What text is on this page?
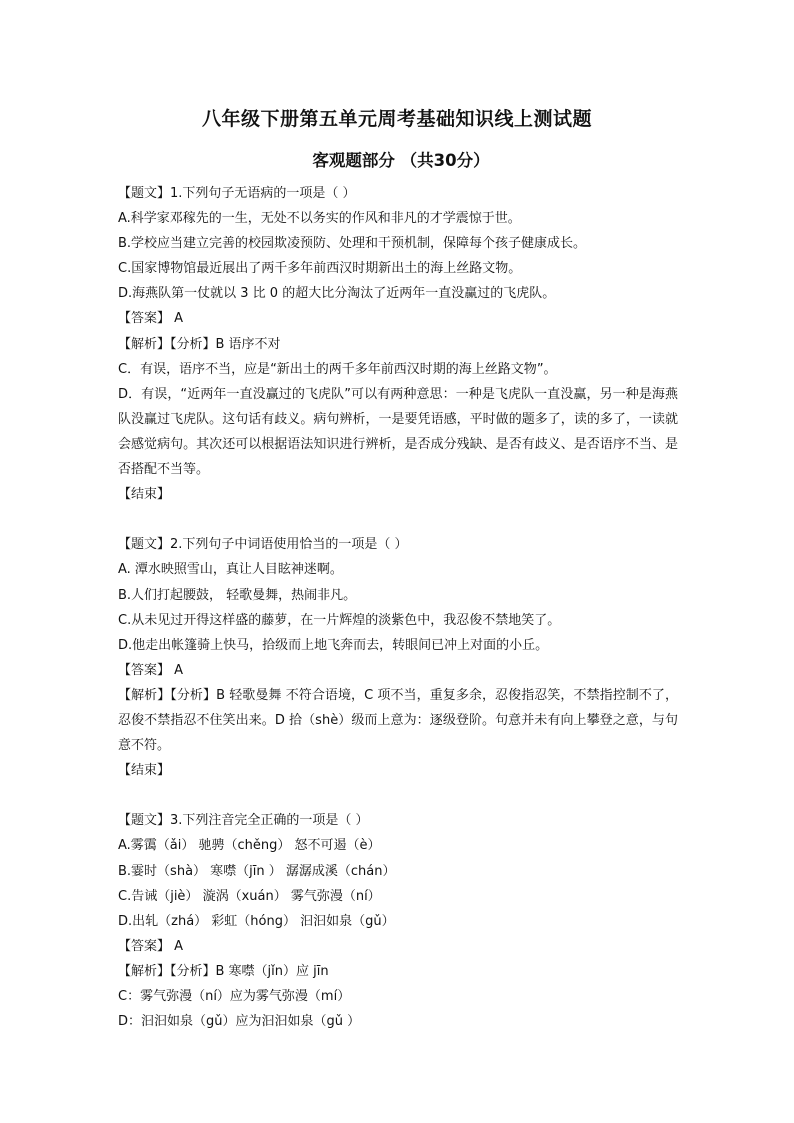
八年级下册第五单元周考基础知识线上测试题
客观题部分 （共30分）
【题文】1.下列句子无语病的一项是（ ）
A.科学家邓稼先的一生，无处不以务实的作风和非凡的才学震惊于世。
B.学校应当建立完善的校园欺凌预防、处理和干预机制，保障每个孩子健康成长。
C.国家博物馆最近展出了两千多年前西汉时期新出土的海上丝路文物。
D.海燕队第一仗就以 3 比 0 的超大比分淘汰了近两年一直没赢过的飞虎队。
【答案】 A
【解析】【分析】B 语序不对
C．有误，语序不当，应是“新出土的两千多年前西汉时期的海上丝路文物”。
D．有误，“近两年一直没赢过的飞虎队”可以有两种意思：一种是飞虎队一直没赢，另一种是海燕队没赢过飞虎队。这句话有歧义。病句辨析，一是要凭语感，平时做的题多了，读的多了，一读就会感觉病句。其次还可以根据语法知识进行辨析，是否成分残缺、是否有歧义、是否语序不当、是否搭配不当等。
【结束】
【题文】2.下列句子中词语使用恰当的一项是（ ）
A. 潭水映照雪山，真让人目眩神迷啊。
B.人们打起腰鼓， 轻歌曼舞，热闹非凡。
C.从未见过开得这样盛的藤萝，在一片辉煌的淡紫色中，我忍俊不禁地笑了。
D.他走出帐篷骑上快马，拾级而上地飞奔而去，转眼间已冲上对面的小丘。
【答案】 A
【解析】【分析】B 轻歌曼舞 不符合语境，C 项不当，重复多余，忍俊指忍笑，不禁指控制不了，忍俊不禁指忍不住笑出来。D 拾（shè）级而上意为：逐级登阶。句意并未有向上攀登之意，与句意不符。
【结束】
【题文】3.下列注音完全正确的一项是（ ）
A.雾霭（ǎi） 驰骋（chěng） 怒不可遏（è）
B.霎时（shà） 寒噤（jīn ） 潺潺成溪（chán）
C.告诫（jiè） 漩涡（xuán） 雾气弥漫（ní）
D.出轧（zhá） 彩虹（hóng） 汩汩如泉（gǔ）
【答案】 A
【解析】【分析】B 寒噤（jǐn）应 jīn
C：雾气弥漫（ní）应为雾气弥漫（mí）
D：汩汩如泉（gǔ）应为汩汩如泉（gǔ ）
